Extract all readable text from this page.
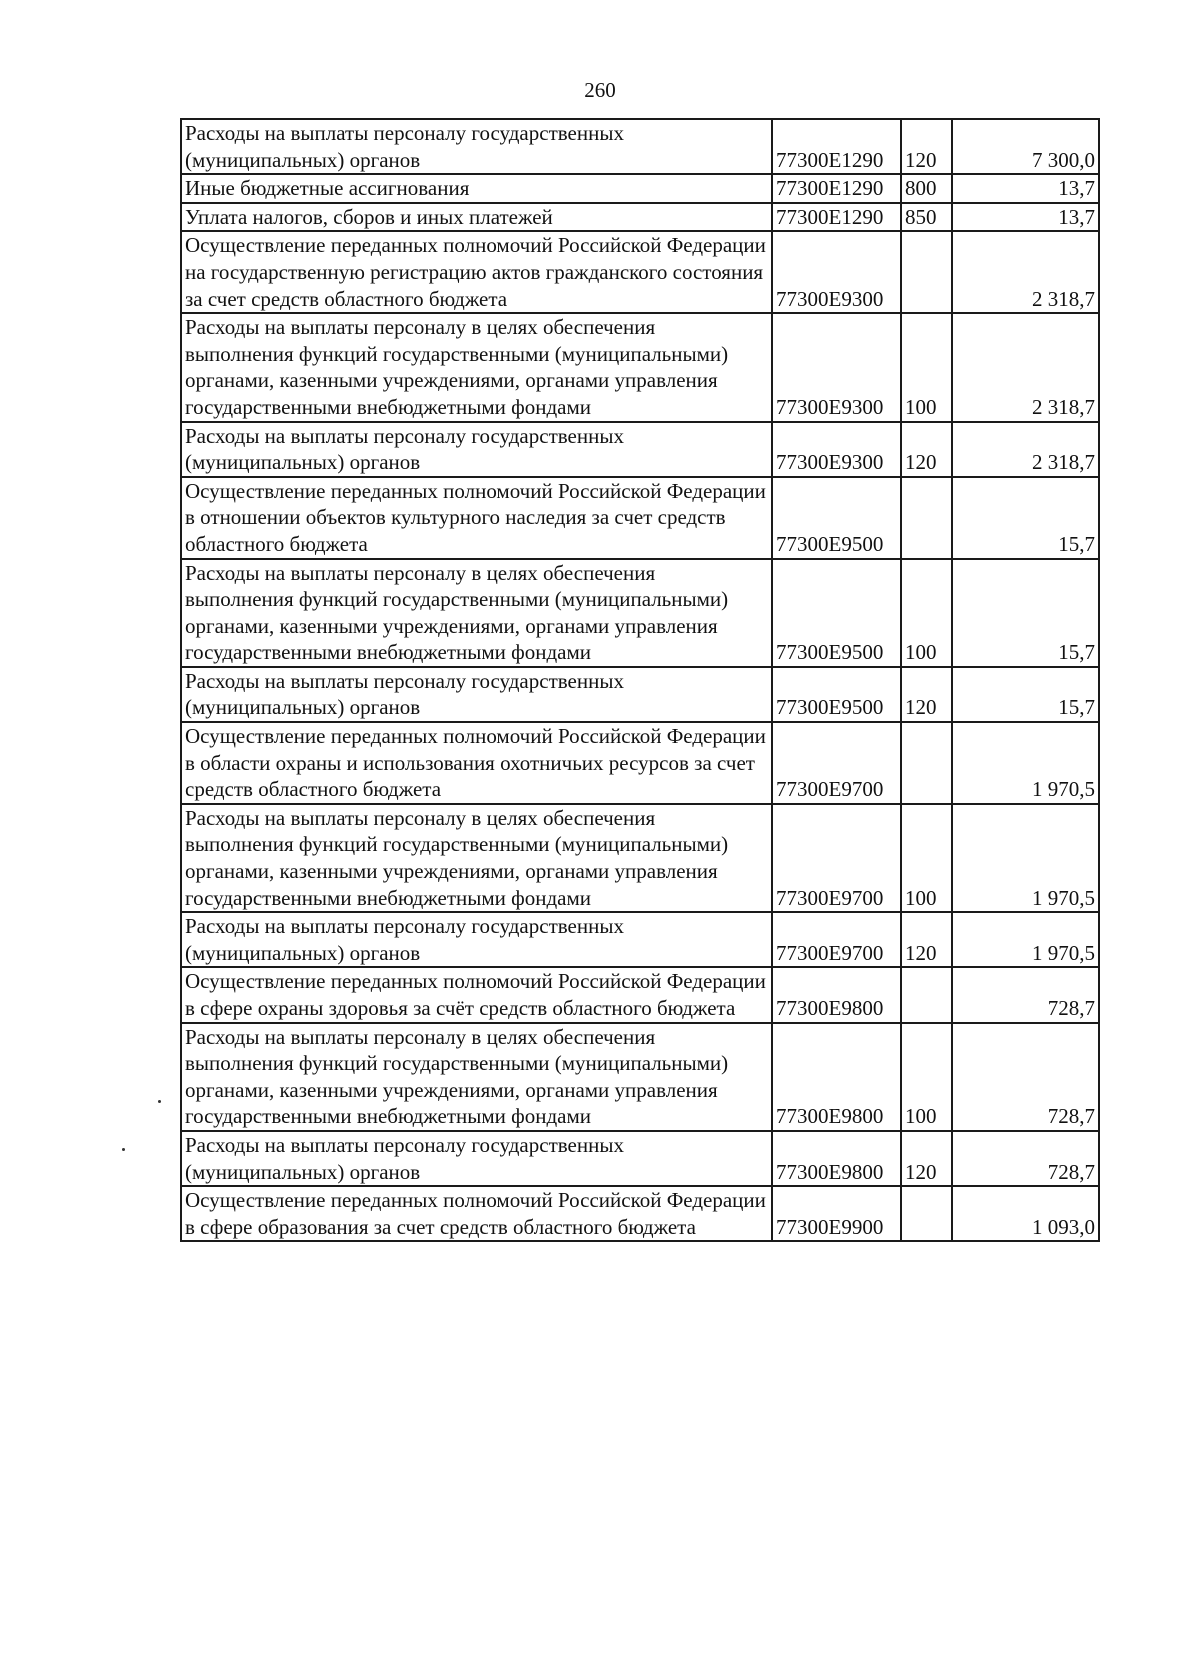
260
Расходы на выплаты персоналу государственных (муниципальных) органов	77300Е1290	120	7 300,0
Иные бюджетные ассигнования	77300Е1290	800	13,7
Уплата налогов, сборов и иных платежей	77300Е1290	850	13,7
Осуществление переданных полномочий Российской Федерации на государственную регистрацию актов гражданского состояния за счет средств областного бюджета	77300Е9300		2 318,7
Расходы на выплаты персоналу в целях обеспечения выполнения функций государственными (муниципальными) органами, казенными учреждениями, органами управления государственными внебюджетными фондами	77300Е9300	100	2 318,7
Расходы на выплаты персоналу государственных (муниципальных) органов	77300Е9300	120	2 318,7
Осуществление переданных полномочий Российской Федерации в отношении объектов культурного наследия за счет средств областного бюджета	77300Е9500		15,7
Расходы на выплаты персоналу в целях обеспечения выполнения функций государственными (муниципальными) органами, казенными учреждениями, органами управления государственными внебюджетными фондами	77300Е9500	100	15,7
Расходы на выплаты персоналу государственных (муниципальных) органов	77300Е9500	120	15,7
Осуществление переданных полномочий Российской Федерации в области охраны и использования охотничьих ресурсов за счет средств областного бюджета	77300Е9700		1 970,5
Расходы на выплаты персоналу в целях обеспечения выполнения функций государственными (муниципальными) органами, казенными учреждениями, органами управления государственными внебюджетными фондами	77300Е9700	100	1 970,5
Расходы на выплаты персоналу государственных (муниципальных) органов	77300Е9700	120	1 970,5
Осуществление переданных полномочий Российской Федерации в сфере охраны здоровья за счёт средств областного бюджета	77300Е9800		728,7
Расходы на выплаты персоналу в целях обеспечения выполнения функций государственными (муниципальными) органами, казенными учреждениями, органами управления государственными внебюджетными фондами	77300Е9800	100	728,7
Расходы на выплаты персоналу государственных (муниципальных) органов	77300Е9800	120	728,7
Осуществление переданных полномочий Российской Федерации в сфере образования за счет средств областного бюджета	77300Е9900		1 093,0
